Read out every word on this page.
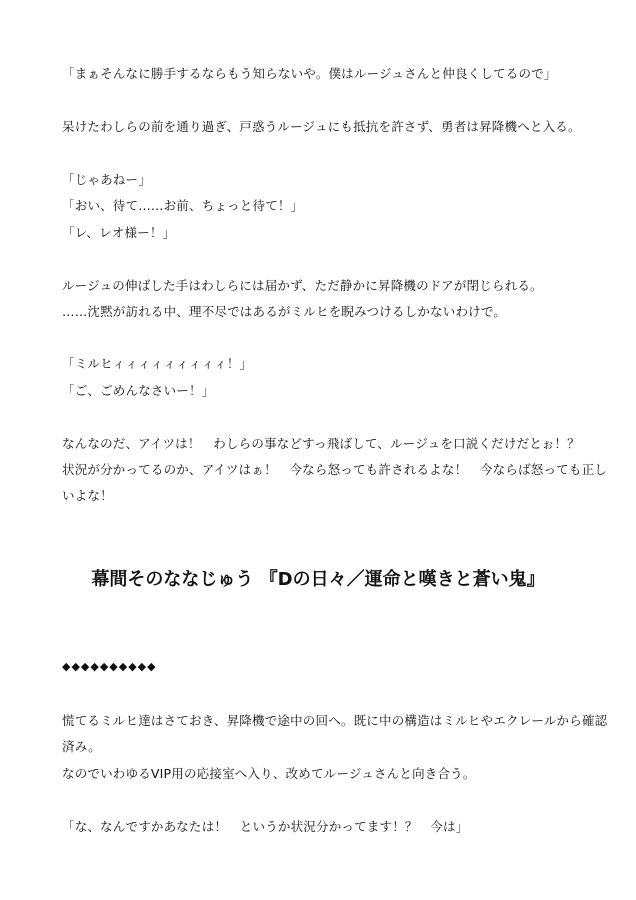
「まぁそんなに勝手するならもう知らないや。僕はルージュさんと仲良くしてるので」
呆けたわしらの前を通り過ぎ、戸惑うルージュにも抵抗を許さず、勇者は昇降機へと入る。
「じゃあねー」
「おい、待て……お前、ちょっと待て！」
「レ、レオ様ー！」
ルージュの伸ばした手はわしらには届かず、ただ静かに昇降機のドアが閉じられる。
……沈黙が訪れる中、理不尽ではあるがミルヒを睨みつけるしかないわけで。
「ミルヒィィィィィィィィィ！」
「ご、ごめんなさいー！」
なんなのだ、アイツは！　わしらの事などすっ飛ばして、ルージュを口説くだけだとぉ！？
状況が分かってるのか、アイツはぁ！　今なら怒っても許されるよな！　今ならば怒っても正し
いよな！
幕間そのななじゅう 『Dの日々／運命と嘆きと蒼い鬼』
◆◆◆◆◆◆◆◆◆◆
慌てるミルヒ達はさておき、昇降機で途中の回へ。既に中の構造はミルヒやエクレールから確認
済み。
なのでいわゆるVIP用の応接室へ入り、改めてルージュさんと向き合う。
「な、なんですかあなたは！　というか状況分かってます！？　今は」
